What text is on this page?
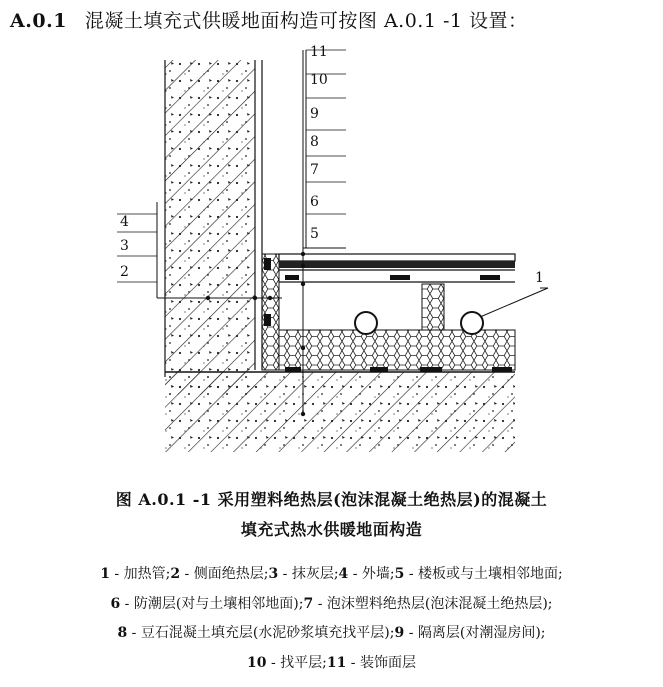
A.0.1 混凝土填充式供暖地面构造可按图 A.0.1 -1 设置：
11
10
9
8
7
6
5
4
3
2	1
图 A.0.1 -1 采用塑料绝热层(泡沫混凝土绝热层)的混凝土
填充式热水供暖地面构造
1 - 加热管;2 - 侧面绝热层;3 - 抹灰层;4 - 外墙;5 - 楼板或与土壤相邻地面;
6 - 防潮层(对与土壤相邻地面);7 - 泡沫塑料绝热层(泡沫混凝土绝热层);
8 - 豆石混凝土填充层(水泥砂浆填充找平层);9 - 隔离层(对潮湿房间);
10 - 找平层;11 - 装饰面层
